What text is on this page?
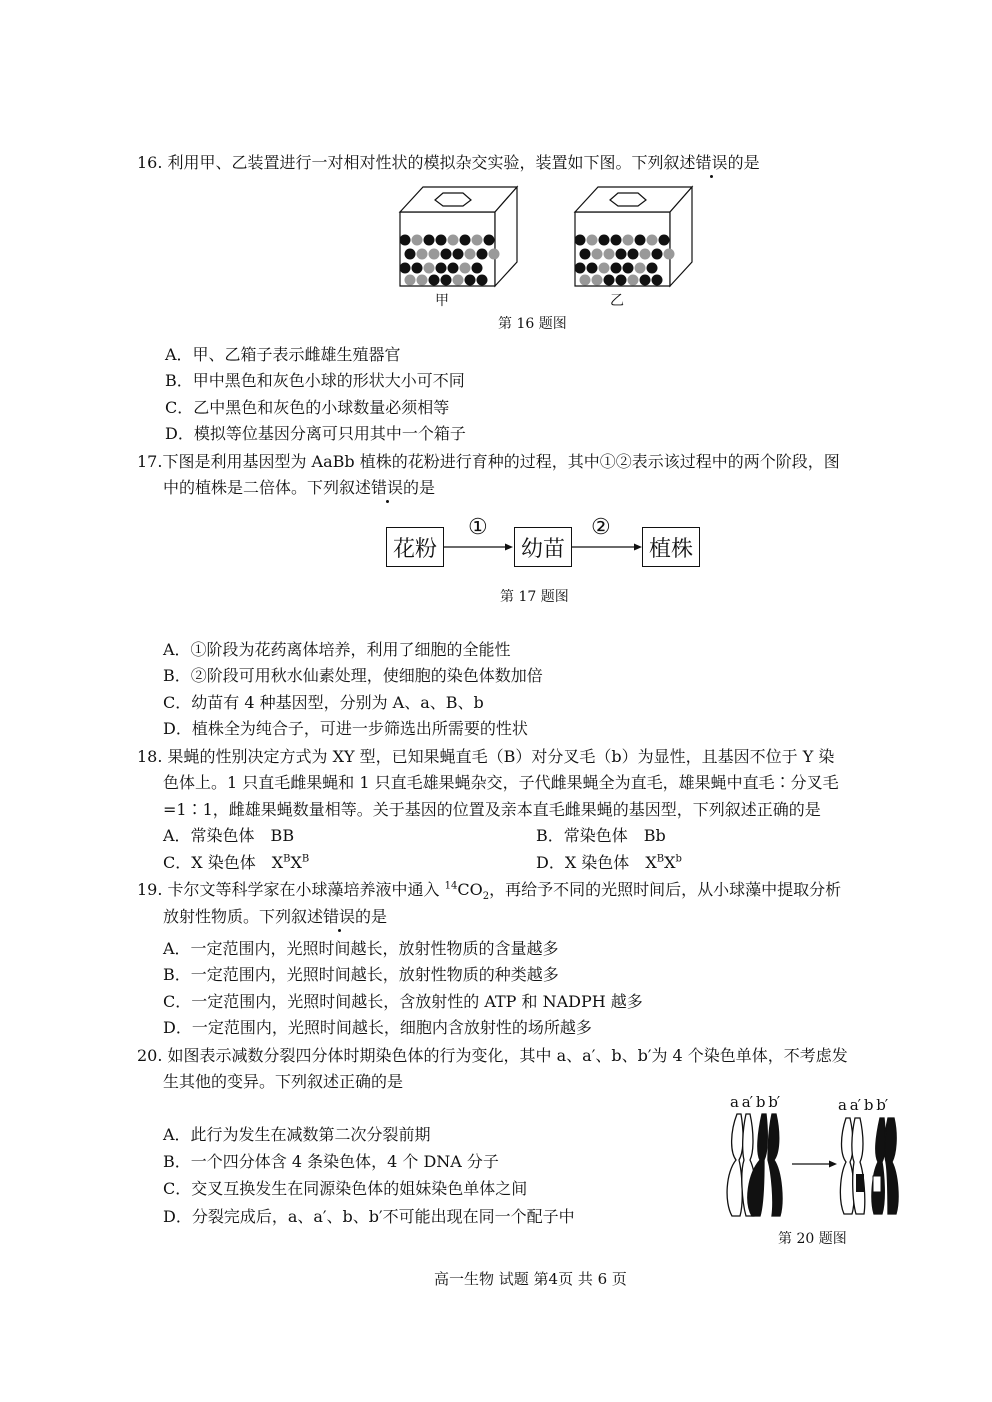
16. 利用甲、乙装置进行一对相对性状的模拟杂交实验，装置如下图。下列叙述错误的是
甲	乙
第 16 题图
A．甲、乙箱子表示雌雄生殖器官
B．甲中黑色和灰色小球的形状大小可不同
C．乙中黑色和灰色的小球数量必须相等
D．模拟等位基因分离可只用其中一个箱子
17.下图是利用基因型为 AaBb 植株的花粉进行育种的过程，其中①②表示该过程中的两个阶段，图
中的植株是二倍体。下列叙述错误的是
花粉	幼苗	植株
①	②
第 17 题图
A．①阶段为花药离体培养，利用了细胞的全能性
B．②阶段可用秋水仙素处理，使细胞的染色体数加倍
C．幼苗有 4 种基因型，分别为 A、a、B、b
D．植株全为纯合子，可进一步筛选出所需要的性状
18. 果蝇的性别决定方式为 XY 型，已知果蝇直毛（B）对分叉毛（b）为显性，且基因不位于 Y 染
色体上。1 只直毛雌果蝇和 1 只直毛雄果蝇杂交，子代雌果蝇全为直毛，雄果蝇中直毛∶分叉毛
=1∶1，雌雄果蝇数量相等。关于基因的位置及亲本直毛雌果蝇的基因型，下列叙述正确的是
A．常染色体　BB	B．常染色体　Bb
C．X 染色体　$X^BX^B$	D．X 染色体　$X^BX^b$
19. 卡尔文等科学家在小球藻培养液中通入 $^{14}CO_2$，再给予不同的光照时间后，从小球藻中提取分析
放射性物质。下列叙述错误的是
A．一定范围内，光照时间越长，放射性物质的含量越多
B．一定范围内，光照时间越长，放射性物质的种类越多
C．一定范围内，光照时间越长，含放射性的 ATP 和 NADPH 越多
D．一定范围内，光照时间越长，细胞内含放射性的场所越多
20. 如图表示减数分裂四分体时期染色体的行为变化，其中 a、a′、b、b′为 4 个染色单体，不考虑发
生其他的变异。下列叙述正确的是
A．此行为发生在减数第二次分裂前期
B．一个四分体含 4 条染色体，4 个 DNA 分子
C．交叉互换发生在同源染色体的姐妹染色单体之间
D．分裂完成后，a、a′、b、b′不可能出现在同一个配子中
a a′ b b′	a a′ b b′
第 20 题图
高一生物 试题 第4页 共 6 页
